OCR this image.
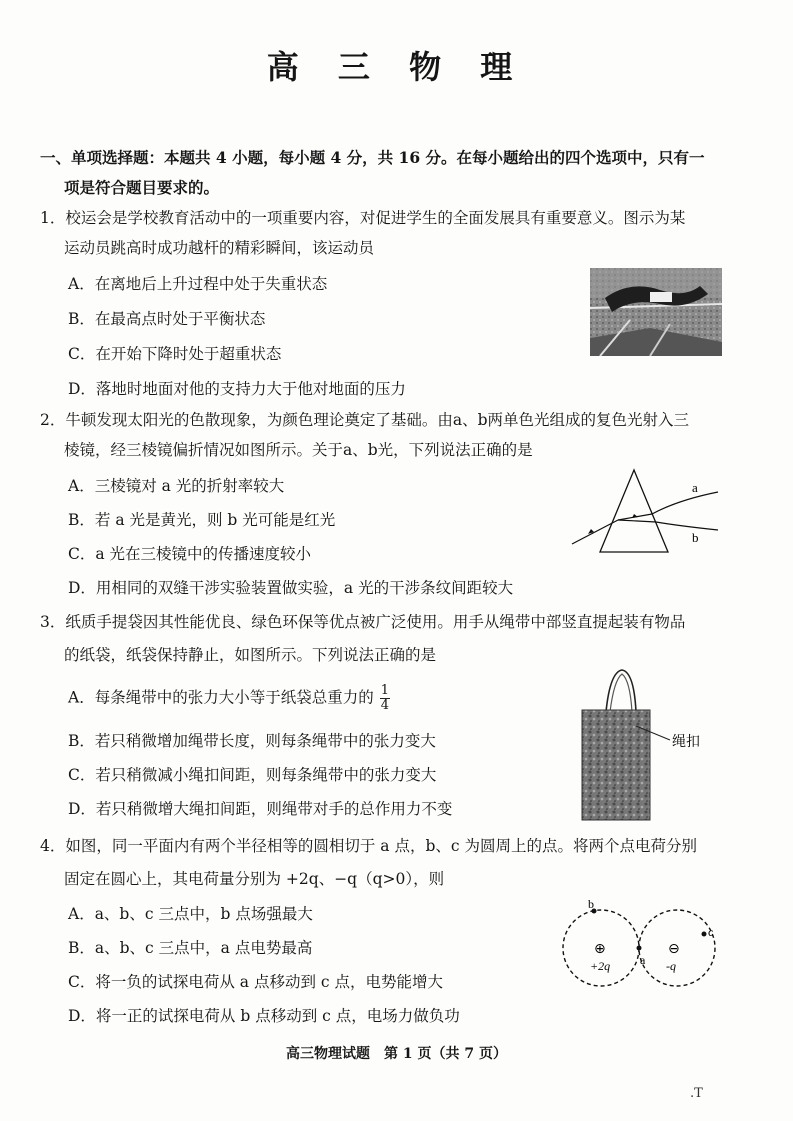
高 三 物 理
一、单项选择题：本题共 4 小题，每小题 4 分，共 16 分。在每小题给出的四个选项中，只有一
项是符合题目要求的。
1．校运会是学校教育活动中的一项重要内容，对促进学生的全面发展具有重要意义。图示为某
运动员跳高时成功越杆的精彩瞬间，该运动员
A．在离地后上升过程中处于失重状态
B．在最高点时处于平衡状态
C．在开始下降时处于超重状态
D．落地时地面对他的支持力大于他对地面的压力
2．牛顿发现太阳光的色散现象，为颜色理论奠定了基础。由a、b两单色光组成的复色光射入三
棱镜，经三棱镜偏折情况如图所示。关于a、b光，下列说法正确的是
A．三棱镜对 a 光的折射率较大
B．若 a 光是黄光，则 b 光可能是红光
C．a 光在三棱镜中的传播速度较小
D．用相同的双缝干涉实验装置做实验，a 光的干涉条纹间距较大
a
b
3．纸质手提袋因其性能优良、绿色环保等优点被广泛使用。用手从绳带中部竖直提起装有物品
的纸袋，纸袋保持静止，如图所示。下列说法正确的是
A．每条绳带中的张力大小等于纸袋总重力的 $\frac{1}{4}$
B．若只稍微增加绳带长度，则每条绳带中的张力变大
C．若只稍微减小绳扣间距，则每条绳带中的张力变大
D．若只稍微增大绳扣间距，则绳带对手的总作用力不变
绳扣
4．如图，同一平面内有两个半径相等的圆相切于 a 点，b、c 为圆周上的点。将两个点电荷分别
固定在圆心上，其电荷量分别为 +2q、−q（q>0），则
A．a、b、c 三点中，b 点场强最大
B．a、b、c 三点中，a 点电势最高
C．将一负的试探电荷从 a 点移动到 c 点，电势能增大
D．将一正的试探电荷从 b 点移动到 c 点，电场力做负功
b
a
c
⊕	⊖
+2q	-q
高三物理试题　第 1 页（共 7 页）
.T
